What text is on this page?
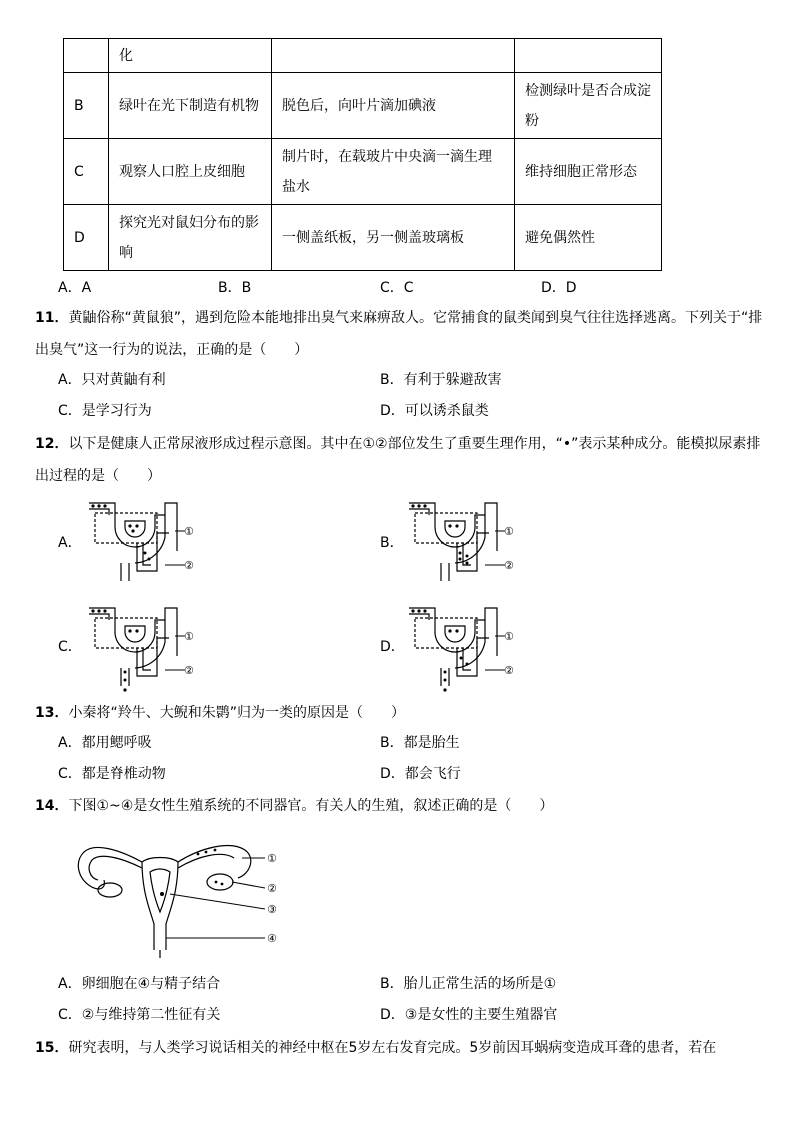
	化		
B	绿叶在光下制造有机物	脱色后，向叶片滴加碘液	检测绿叶是否合成淀粉
C	观察人口腔上皮细胞	制片时，在载玻片中央滴一滴生理盐水	维持细胞正常形态
D	探究光对鼠妇分布的影响	一侧盖纸板，另一侧盖玻璃板	避免偶然性
A．A	B．B	C．C	D．D
11．黄鼬俗称“黄鼠狼”，遇到危险本能地排出臭气来麻痹敌人。它常捕食的鼠类闻到臭气往往选择逃离。下列关于“排出臭气”这一行为的说法，正确的是（　　）
A．只对黄鼬有利	B．有利于躲避敌害
C．是学习行为	D．可以诱杀鼠类
12．以下是健康人正常尿液形成过程示意图。其中在①②部位发生了重要生理作用，“•”表示某种成分。能模拟尿素排出过程的是（　　）
A．	B．
C．	D．
①
②
①
②
①
②
①
②
13．小秦将“羚牛、大鲵和朱鹮”归为一类的原因是（　　）
A．都用鳃呼吸	B．都是胎生
C．都是脊椎动物	D．都会飞行
14．下图①~④是女性生殖系统的不同器官。有关人的生殖，叙述正确的是（　　）
①
②
③
④
A．卵细胞在④与精子结合	B．胎儿正常生活的场所是①
C．②与维持第二性征有关	D．③是女性的主要生殖器官
15．研究表明，与人类学习说话相关的神经中枢在5岁左右发育完成。5岁前因耳蜗病变造成耳聋的患者，若在
